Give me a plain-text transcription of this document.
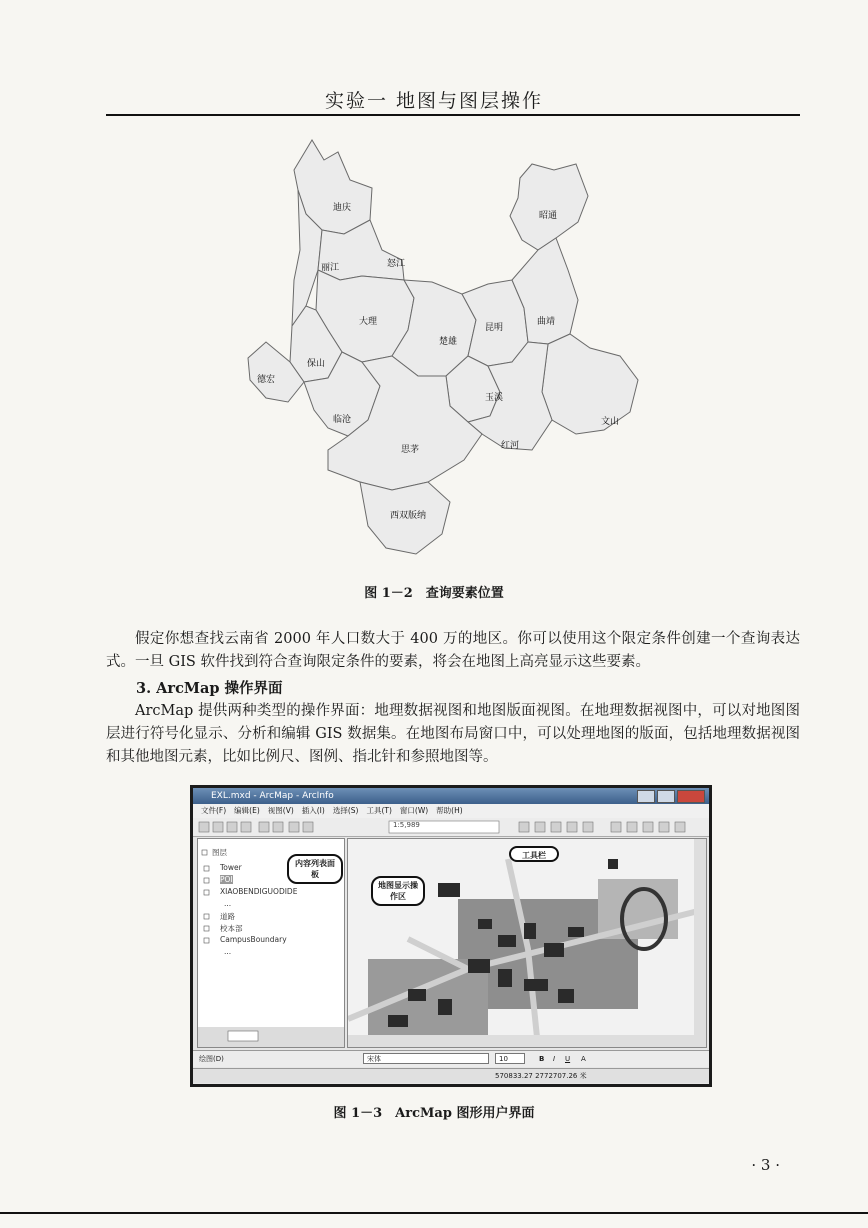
实验一 地图与图层操作
迪庆
丽江	怒江
昭通
大理
楚雄
昆明
曲靖
保山
德宏
临沧
玉溪
文山
思茅	红河
西双版纳
图 1－2　查询要素位置

假定你想查找云南省 2000 年人口数大于 400 万的地区。你可以使用这个限定条件创建一个查询表达式。一旦 GIS 软件找到符合查询限定条件的要素，将会在地图上高亮显示这些要素。

3. ArcMap 操作界面

ArcMap 提供两种类型的操作界面：地理数据视图和地图版面视图。在地理数据视图中，可以对地图图层进行符号化显示、分析和编辑 GIS 数据集。在地图布局窗口中，可以处理地图的版面，包括地理数据视图和其他地图元素，比如比例尺、图例、指北针和参照地图等。

EXL.mxd - ArcMap - ArcInfo
文件(F) 编辑(E) 视图(V) 插入(I) 选择(S) 工具(T) 窗口(W) 帮助(H)
1:5,989
图层
Tower
POI
XIAOBENDIGUODIDE
...
道路
校本部
CampusBoundary
...
内容列表面板
地图显示操作区
工具栏
绘图(D)	宋体	10	B I U A
570833.27 2772707.26 米
图 1－3　ArcMap 图形用户界面
· 3 ·
